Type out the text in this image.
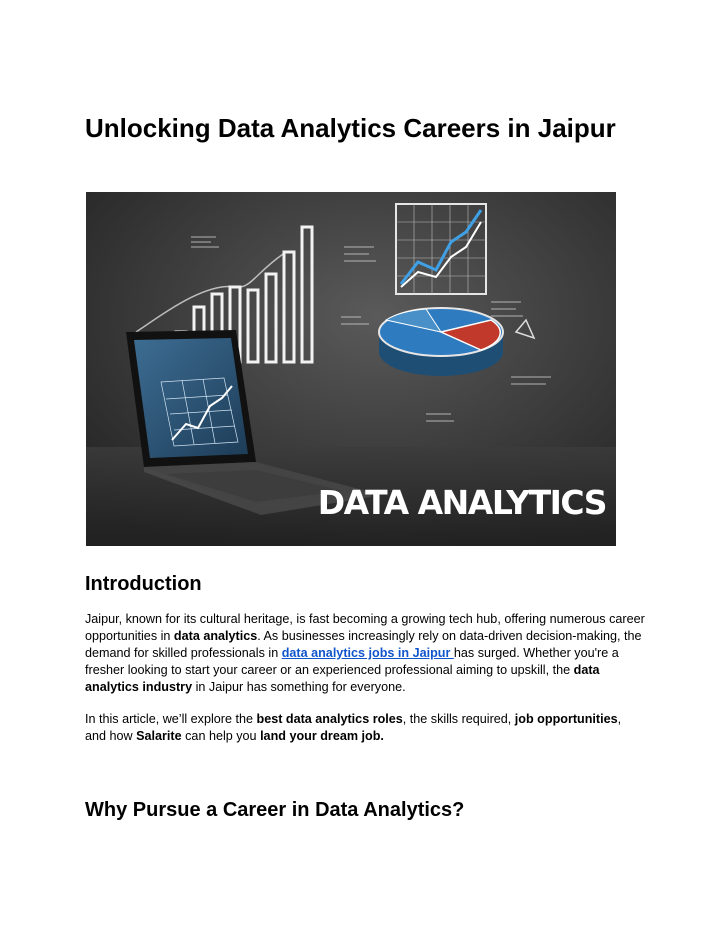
Unlocking Data Analytics Careers in Jaipur
DATA ANALYTICS
Introduction

Jaipur, known for its cultural heritage, is fast becoming a growing tech hub, offering numerous career opportunities in data analytics. As businesses increasingly rely on data-driven decision-making, the demand for skilled professionals in data analytics jobs in Jaipur has surged. Whether you're a fresher looking to start your career or an experienced professional aiming to upskill, the data analytics industry in Jaipur has something for everyone.

In this article, we’ll explore the best data analytics roles, the skills required, job opportunities, and how Salarite can help you land your dream job.

Why Pursue a Career in Data Analytics?
